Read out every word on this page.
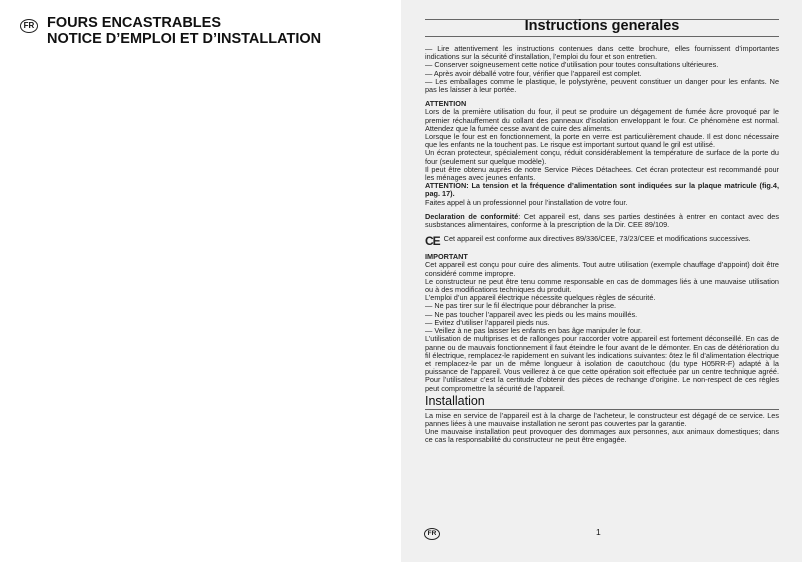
FR FOURS ENCASTRABLES
NOTICE D’EMPLOI ET D’INSTALLATION
Instructions generales

— Lire attentivement les instructions contenues dans cette brochure, elles fournissent d’importantes indications sur la sécurité d’installation, l’emploi du four et son entretien.

— Conserver soigneusement cette notice d’utilisation pour toutes consultations ultérieures.

— Après avoir déballé votre four, vérifier que l’appareil est complet.

— Les emballages comme le plastique, le polystyrène, peuvent constituer un danger pour les enfants. Ne pas les laisser à leur portée.

ATTENTION

Lors de la première utilisation du four, il peut se produire un dégagement de fumée âcre provoqué par le premier réchauffement du collant des panneaux d’isolation enveloppant le four. Ce phénomène est normal. Attendez que la fumée cesse avant de cuire des aliments.

Lorsque le four est en fonctionnement, la porte en verre est particulièrement chaude. Il est donc nécessaire que les enfants ne la touchent pas. Le risque est important surtout quand le gril est utilisé.

Un écran protecteur, spécialement conçu, réduit considérablement la température de surface de la porte du four (seulement sur quelque modèle).

Il peut être obtenu auprès de notre Service Pièces Détachees. Cet écran protecteur est recommandé pour les ménages avec jeunes enfants.

ATTENTION: La tension et la fréquence d’alimentation sont indiquées sur la plaque matricule (fig.4, pag. 17).

Faites appel à un professionnel pour l’installation de votre four.

Declaration de conformité: Cet appareil est, dans ses parties destinées à entrer en contact avec des susbstances alimentaires, conforme à la prescription de la Dir. CEE 89/109.

CE Cet appareil est conforme aux directives 89/336/CEE, 73/23/CEE et modifications successives.

IMPORTANT

Cet appareil est conçu pour cuire des aliments. Tout autre utilisation (exemple chauffage d’appoint) doit être considéré comme impropre.

Le constructeur ne peut être tenu comme responsable en cas de dommages liés à une mauvaise utilisation ou à des modifications techniques du produit.

L’emploi d’un appareil électrique nécessite quelques règles de sécurité.

— Ne pas tirer sur le fil électrique pour débrancher la prise.

— Ne pas toucher l’appareil avec les pieds ou les mains mouillés.

— Evitez d’utiliser l’appareil pieds nus.

— Veillez à ne pas laisser les enfants en bas âge manipuler le four.

L’utilisation de multiprises et de rallonges pour raccorder votre appareil est fortement déconseillé. En cas de panne ou de mauvais fonctionnement il faut éteindre le four avant de le démonter. En cas de détérioration du fil électrique, remplacez-le rapidement en suivant les indications suivantes: ôtez le fil d’alimentation électrique et remplacez-le par un de même longueur à isolation de caoutchouc (du type H05RR-F) adapté à la puissance de l’appareil. Vous veillerez à ce que cette opération soit effectuée par un centre technique agréé. Pour l’utilisateur c’est la certitude d’obtenir des pièces de rechange d’origine. Le non-respect de ces règles peut compromettre la sécurité de l’appareil.

Installation

La mise en service de l’appareil est à la charge de l’acheteur, le constructeur est dégagé de ce service. Les pannes liées à une mauvaise installation ne seront pas couvertes par la garantie.

Une mauvaise installation peut provoquer des dommages aux personnes, aux animaux domestiques; dans ce cas la responsabilité du constructeur ne peut être engagée.

FR	1
